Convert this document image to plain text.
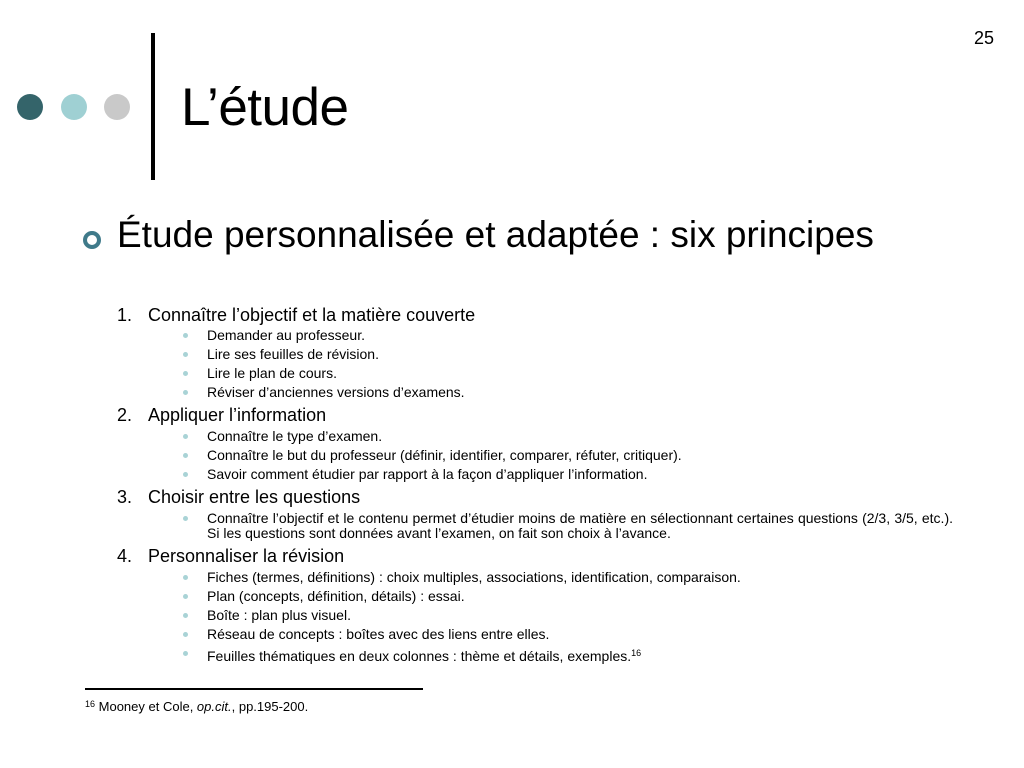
25
L’étude
Étude personnalisée et adaptée : six principes
1. Connaître l’objectif et la matière couverte
Demander au professeur.
Lire ses feuilles de révision.
Lire le plan de cours.
Réviser d’anciennes versions d’examens.
2. Appliquer l’information
Connaître le type d’examen.
Connaître le but du professeur (définir, identifier, comparer, réfuter, critiquer).
Savoir comment étudier par rapport à la façon d’appliquer l’information.
3. Choisir entre les questions
Connaître l’objectif et le contenu permet d’étudier moins de matière en sélectionnant certaines questions (2/3, 3/5, etc.). Si les questions sont données avant l’examen, on fait son choix à l’avance.
4. Personnaliser la révision
Fiches (termes, définitions) : choix multiples, associations, identification, comparaison.
Plan (concepts, définition, détails) : essai.
Boîte : plan plus visuel.
Réseau de concepts : boîtes avec des liens entre elles.
Feuilles thématiques en deux colonnes : thème et détails, exemples.$^{16}$
$^{16}$ Mooney et Cole, op.cit., pp.195-200.
